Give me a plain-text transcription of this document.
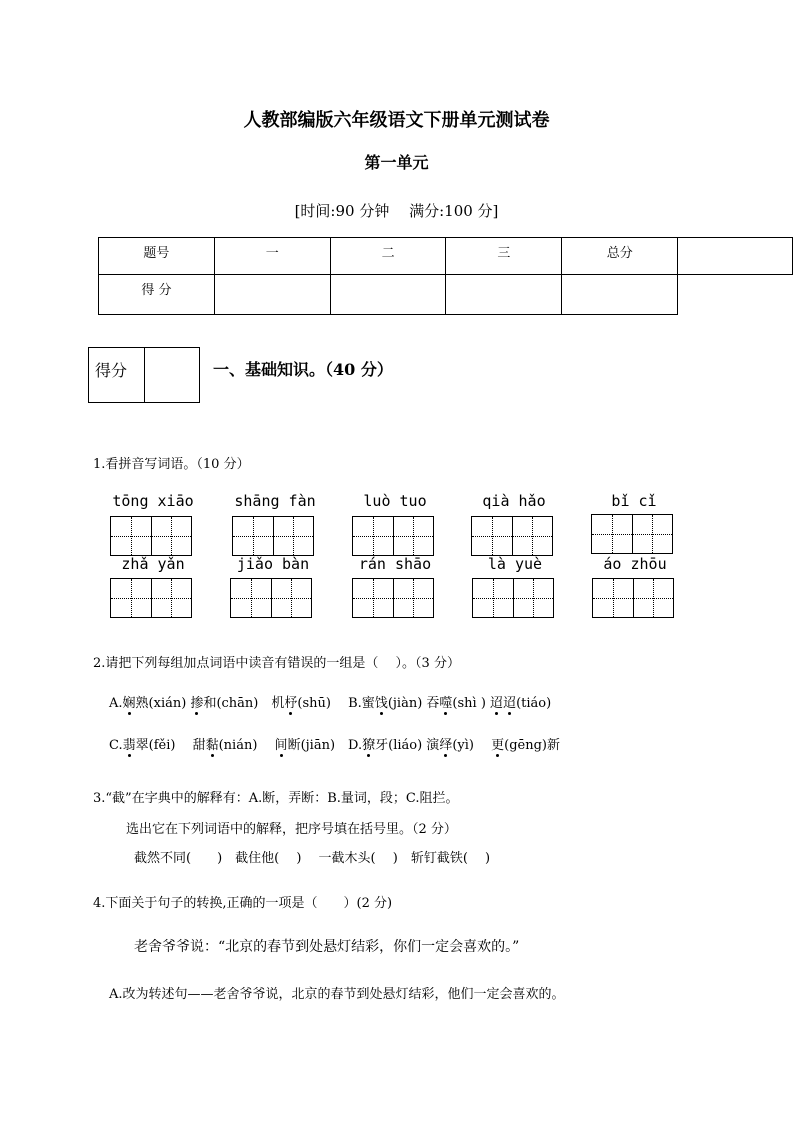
人教部编版六年级语文下册单元测试卷
第一单元
[时间:90 分钟　 满分:100 分]
题号	一	二	三	总分	
得 分					
得分	一、基础知识。（40 分）
1.看拼音写词语。（10 分）
tōng xiāo	shāng fàn	luò tuo	qià hǎo	bǐ cǐ
zhǎ yǎn	jiǎo bàn	rán shāo	là yuè	áo zhōu
2.请把下列每组加点词语中读音有错误的一组是（　 ）。（3 分）
A.娴熟(xián) 掺和(chān)　机杼(shū)　 B.蜜饯(jiàn) 吞噬(shì ) 迢迢(tiáo)
C.翡翠(fěi)　 甜黏(nián)　 间断(jiān)　D.獠牙(liáo) 演绎(yì)　 更(gēng)新
3.“截”在字典中的解释有：A.断，弄断：B.量词，段；C.阻拦。
选出它在下列词语中的解释，把序号填在括号里。（2 分）
截然不同(　　)　截住他(　 )　 一截木头(　 )　斩钉截铁(　 )
4.下面关于句子的转换,正确的一项是（　　）(2 分)
老舍爷爷说：“北京的春节到处悬灯结彩，你们一定会喜欢的。”
A.改为转述句——老舍爷爷说，北京的春节到处悬灯结彩，他们一定会喜欢的。
